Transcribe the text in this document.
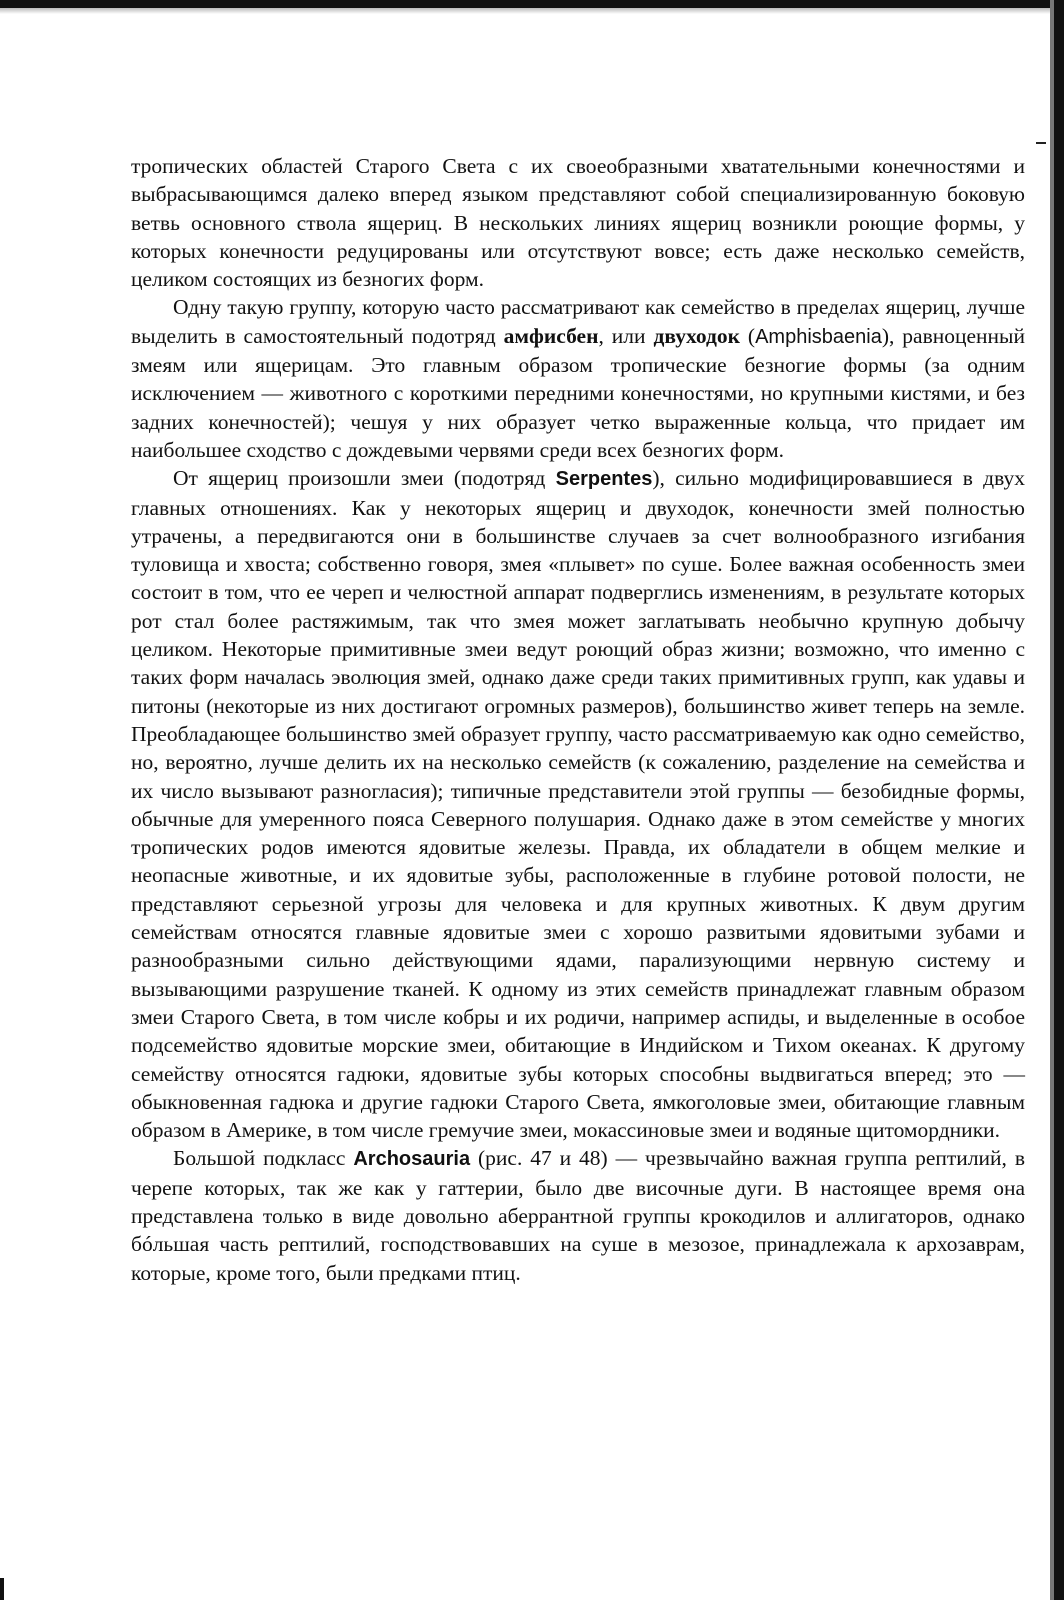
тропических областей Старого Света с их своеобразными хватательными конечностями и выбрасывающимся далеко вперед языком представляют собой специализированную боковую ветвь основного ствола ящериц. В нескольких линиях ящериц возникли роющие формы, у которых конечности редуцированы или отсутствуют вовсе; есть даже несколько семейств, целиком состоящих из безногих форм.

Одну такую группу, которую часто рассматривают как семейство в пределах ящериц, лучше выделить в самостоятельный подотряд амфисбен, или двуходок (Amphisbaenia), равноценный змеям или ящерицам. Это главным образом тропические безногие формы (за одним исключением — животного с короткими передними конечностями, но крупными кистями, и без задних конечностей); чешуя у них образует четко выраженные кольца, что придает им наибольшее сходство с дождевыми червями среди всех безногих форм.

От ящериц произошли змеи (подотряд Serpentes), сильно модифицировавшиеся в двух главных отношениях. Как у некоторых ящериц и двуходок, конечности змей полностью утрачены, а передвигаются они в большинстве случаев за счет волнообразного изгибания туловища и хвоста; собственно говоря, змея «плывет» по суше. Более важная особенность змеи состоит в том, что ее череп и челюстной аппарат подверглись изменениям, в результате которых рот стал более растяжимым, так что змея может заглатывать необычно крупную добычу целиком. Некоторые примитивные змеи ведут роющий образ жизни; возможно, что именно с таких форм началась эволюция змей, однако даже среди таких примитивных групп, как удавы и питоны (некоторые из них достигают огромных размеров), большинство живет теперь на земле. Преобладающее большинство змей образует группу, часто рассматриваемую как одно семейство, но, вероятно, лучше делить их на несколько семейств (к сожалению, разделение на семейства и их число вызывают разногласия); типичные представители этой группы — безобидные формы, обычные для умеренного пояса Северного полушария. Однако даже в этом семействе у многих тропических родов имеются ядовитые железы. Правда, их обладатели в общем мелкие и неопасные животные, и их ядовитые зубы, расположенные в глубине ротовой полости, не представляют серьезной угрозы для человека и для крупных животных. К двум другим семействам относятся главные ядовитые змеи с хорошо развитыми ядовитыми зубами и разнообразными сильно действующими ядами, парализующими нервную систему и вызывающими разрушение тканей. К одному из этих семейств принадлежат главным образом змеи Старого Света, в том числе кобры и их родичи, например аспиды, и выделенные в особое подсемейство ядовитые морские змеи, обитающие в Индийском и Тихом океанах. К другому семейству относятся гадюки, ядовитые зубы которых способны выдвигаться вперед; это — обыкновенная гадюка и другие гадюки Старого Света, ямкоголовые змеи, обитающие главным образом в Америке, в том числе гремучие змеи, мокассиновые змеи и водяные щитомордники.

Большой подкласс Archosauria (рис. 47 и 48) — чрезвычайно важная группа рептилий, в черепе которых, так же как у гаттерии, было две височные дуги. В настоящее время она представлена только в виде довольно аберрантной группы крокодилов и аллигаторов, однако бóльшая часть рептилий, господствовавших на суше в мезозое, принадлежала к архозаврам, которые, кроме того, были предками птиц.
